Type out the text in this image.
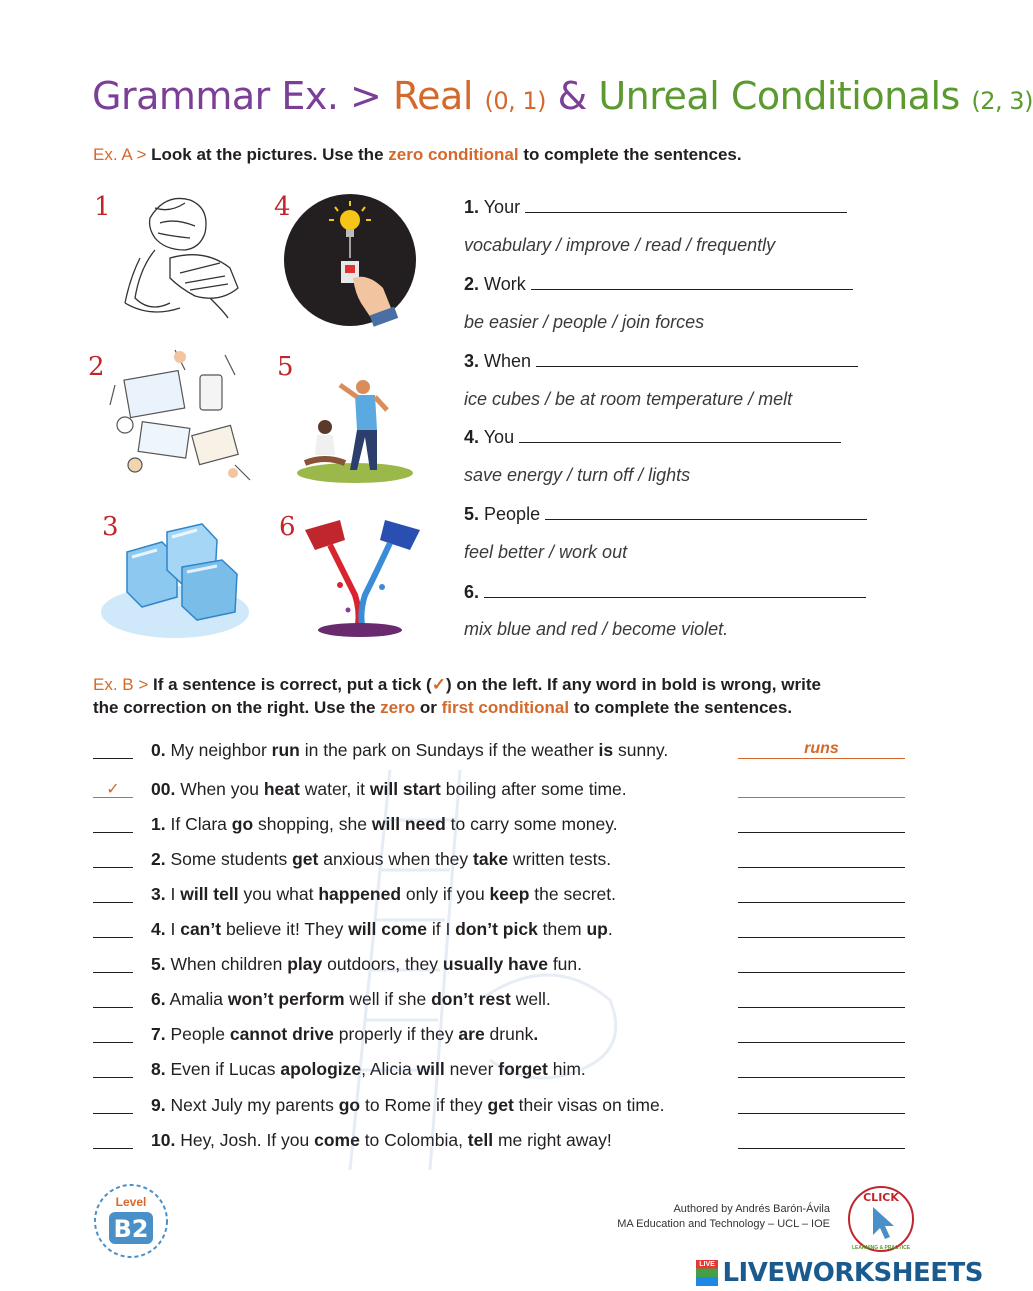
Grammar Ex. > Real (0, 1) & Unreal Conditionals (2, 3)
Ex. A > Look at the pictures. Use the zero conditional to complete the sentences.
1	4
2	5
3	6
1. Your
vocabulary / improve / read / frequently
2. Work
be easier / people / join forces
3. When
ice cubes / be at room temperature / melt
4. You
save energy / turn off / lights
5. People
feel better / work out
6.
mix blue and red / become violet.
Ex. B > If a sentence is correct, put a tick (✓) on the left. If any word in bold is wrong, write
the correction on the right. Use the zero or first conditional to complete the sentences.
0. My neighbor run in the park on Sundays if the weather is sunny.	runs
✓	00. When you heat water, it will start boiling after some time.
1. If Clara go shopping, she will need to carry some money.
2. Some students get anxious when they take written tests.
3. I will tell you what happened only if you keep the secret.
4. I can’t believe it! They will come if I don’t pick them up.
5. When children play outdoors, they usually have fun.
6. Amalia won’t perform well if she don’t rest well.
7. People cannot drive properly if they are drunk.
8. Even if Lucas apologize, Alicia will never forget him.
9. Next July my parents go to Rome if they get their visas on time.
10. Hey, Josh. If you come to Colombia, tell me right away!
Level
B2
Authored by Andrés Barón-Ávila
MA Education and Technology – UCL – IOE
CLICK
LEARNING & PRACTICE
LIVE LIVEWORKSHEETS
